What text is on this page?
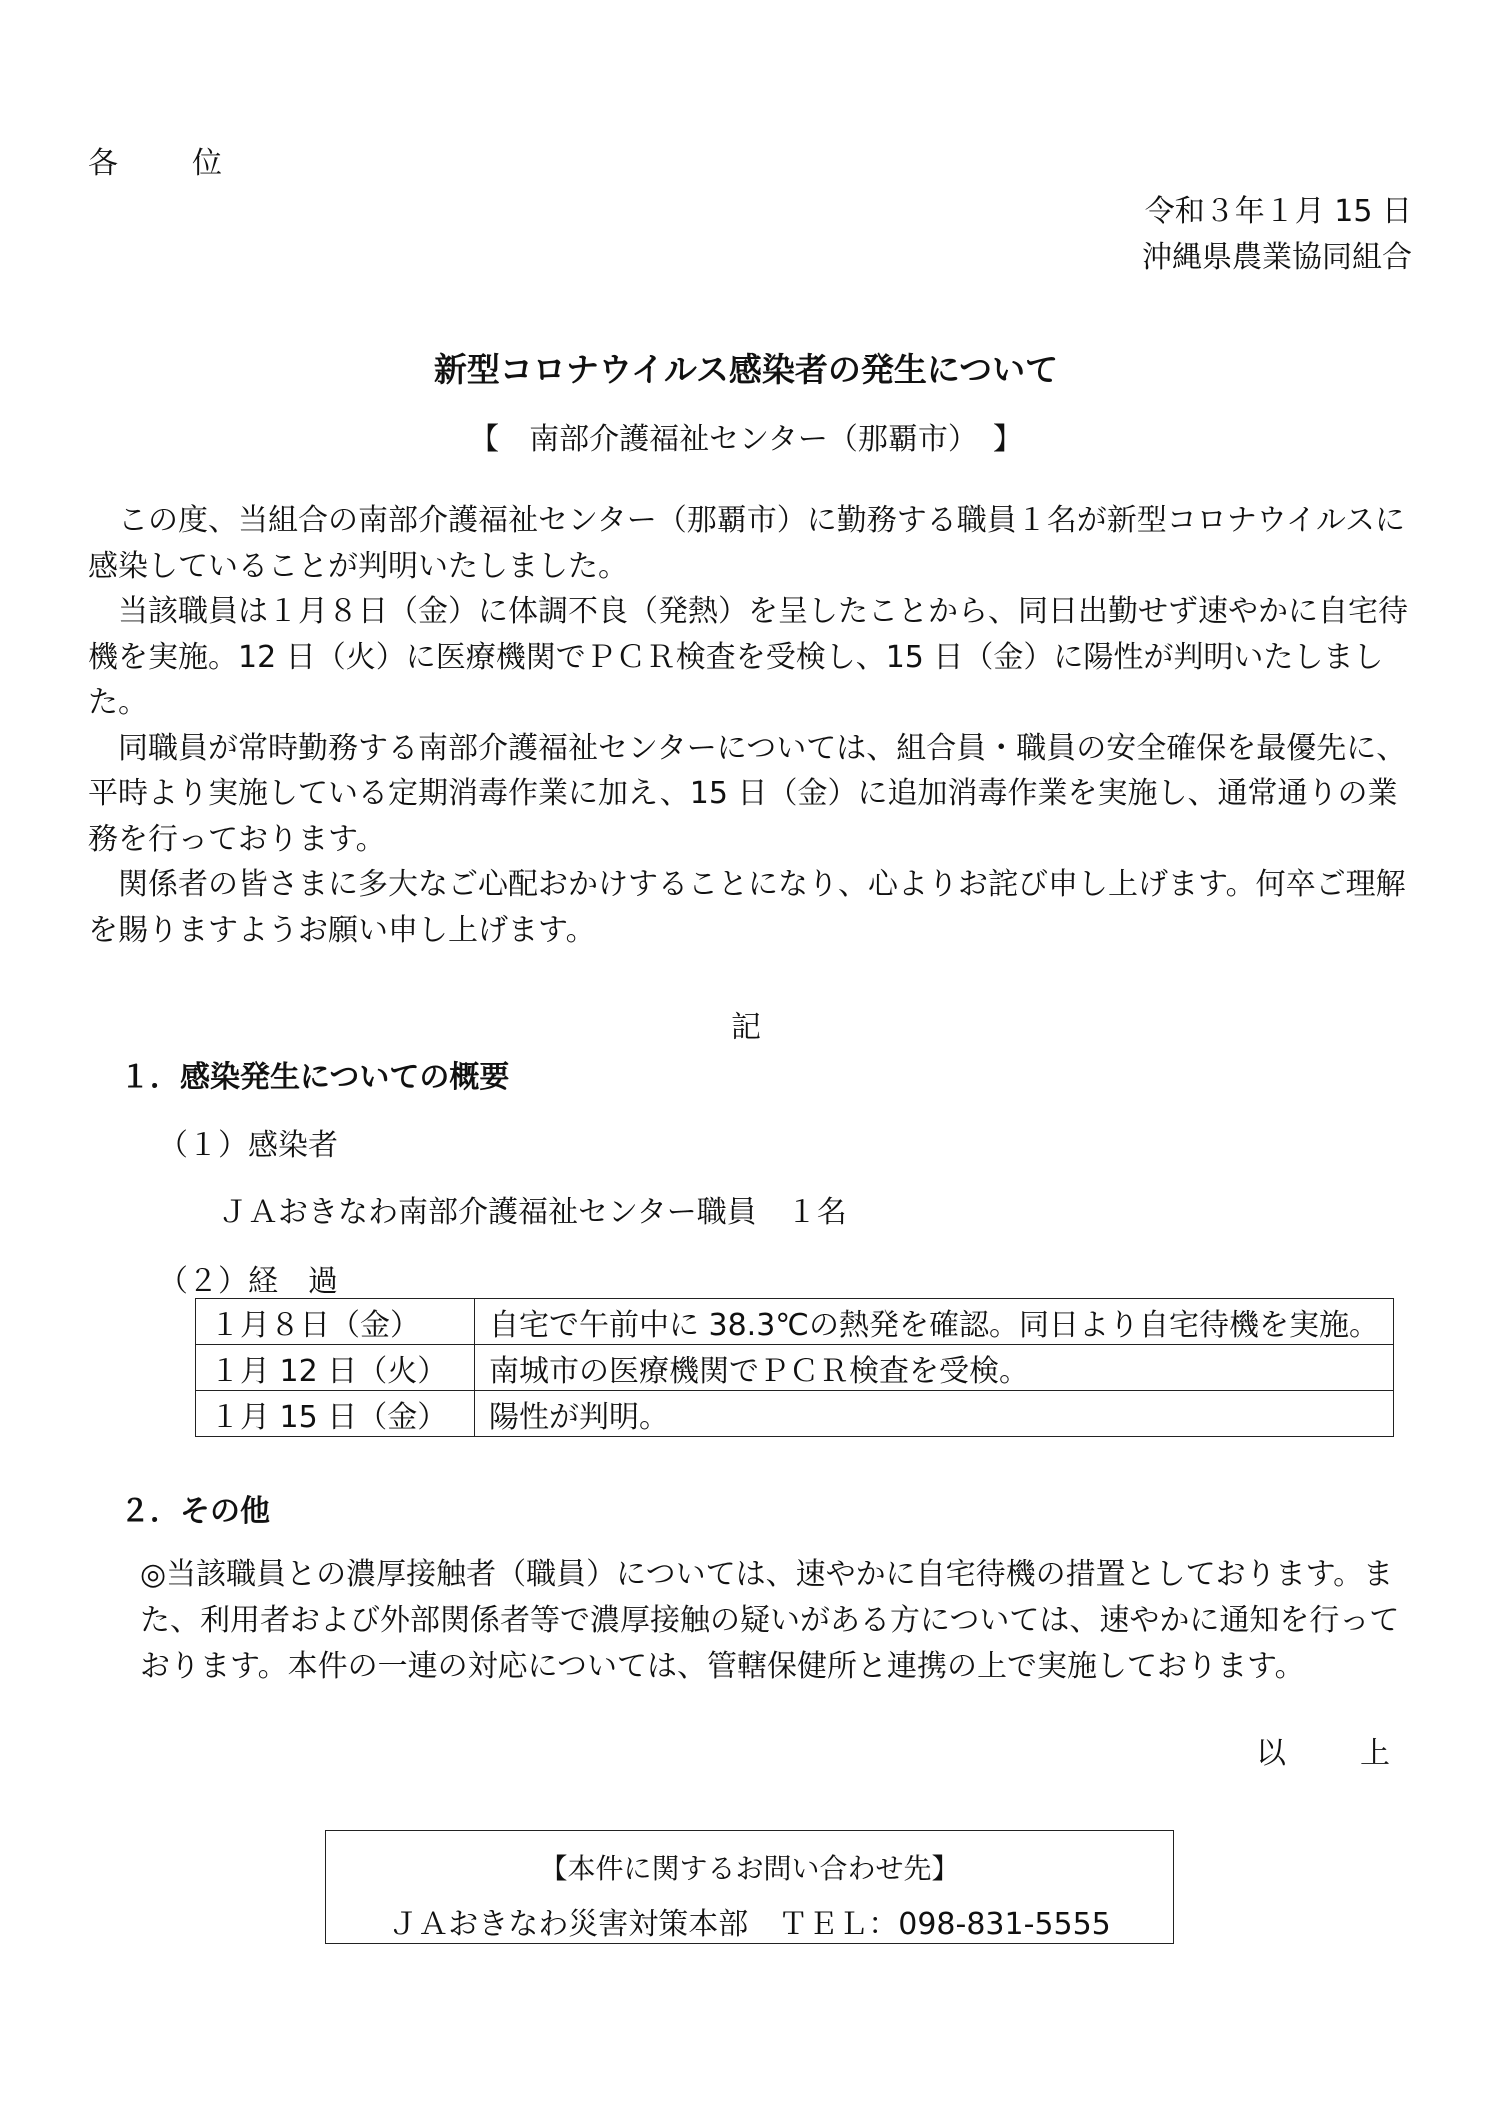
各　位
令和３年１月 15 日
沖縄県農業協同組合
新型コロナウイルス感染者の発生について
【　南部介護福祉センター（那覇市）　】

この度、当組合の南部介護福祉センター（那覇市）に勤務する職員１名が新型コロナウイルスに感染していることが判明いたしました。

当該職員は１月８日（金）に体調不良（発熱）を呈したことから、同日出勤せず速やかに自宅待機を実施。12 日（火）に医療機関でＰＣＲ検査を受検し、15 日（金）に陽性が判明いたしました。

同職員が常時勤務する南部介護福祉センターについては、組合員・職員の安全確保を最優先に、平時より実施している定期消毒作業に加え、15 日（金）に追加消毒作業を実施し、通常通りの業務を行っております。

関係者の皆さまに多大なご心配おかけすることになり、心よりお詫び申し上げます。何卒ご理解を賜りますようお願い申し上げます。

記
１．感染発生についての概要
（１）感染者
ＪＡおきなわ南部介護福祉センター職員　１名
（２）経　過
１月８日（金）	自宅で午前中に 38.3℃の熱発を確認。同日より自宅待機を実施。
１月 12 日（火）	南城市の医療機関でＰＣＲ検査を受検。
１月 15 日（金）	陽性が判明。
２．その他
◎当該職員との濃厚接触者（職員）については、速やかに自宅待機の措置としております。また、利用者および外部関係者等で濃厚接触の疑いがある方については、速やかに通知を行っております。本件の一連の対応については、管轄保健所と連携の上で実施しております。
以　上
【本件に関するお問い合わせ先】
ＪＡおきなわ災害対策本部　ＴＥＬ：098-831-5555
